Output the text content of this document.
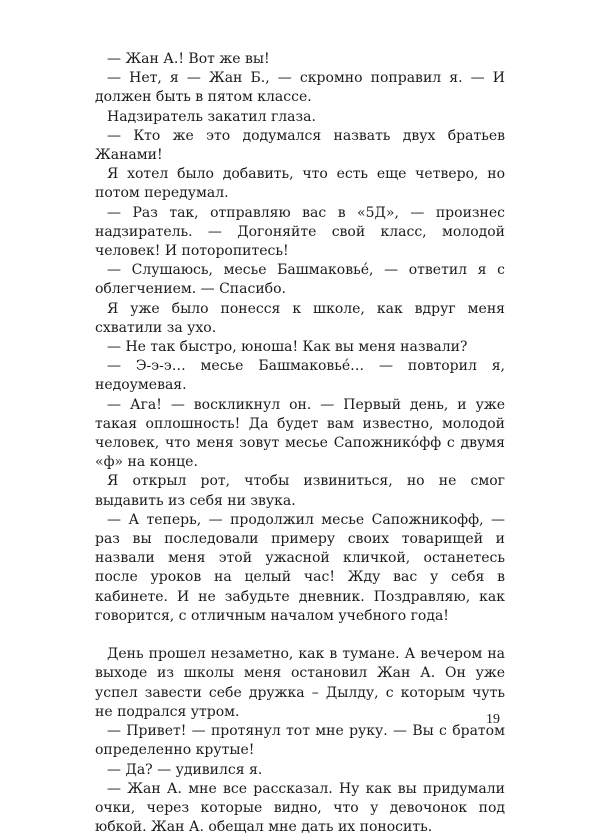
— Жан А.! Вот же вы!

— Нет, я — Жан Б., — скромно поправил я. — И должен быть в пятом классе.

Надзиратель закатил глаза.

— Кто же это додумался назвать двух братьев Жанами!

Я хотел было добавить, что есть еще четверо, но потом передумал.

— Раз так, отправляю вас в «5Д», — произнес надзиратель. — Догоняйте свой класс, молодой человек! И поторопитесь!

— Слушаюсь, месье Башмаковьé, — ответил я с облегчением. — Спасибо.

Я уже было понесся к школе, как вдруг меня схватили за ухо.

— Не так быстро, юноша! Как вы меня назвали?

— Э-э-э… месье Башмаковьé… — повторил я, недоумевая.

— Ага! — воскликнул он. — Первый день, и уже такая оплошность! Да будет вам известно, молодой человек, что меня зовут месье Сапожникóфф с двумя «ф» на конце.

Я открыл рот, чтобы извиниться, но не смог выдавить из себя ни звука.

— А теперь, — продолжил месье Сапожникофф, — раз вы последовали примеру своих товарищей и назвали меня этой ужасной кличкой, останетесь после уроков на целый час! Жду вас у себя в кабинете. И не забудьте дневник. Поздравляю, как говорится, с отличным началом учебного года!

День прошел незаметно, как в тумане. А вечером на выходе из школы меня остановил Жан А. Он уже успел завести себе дружка – Дылду, с которым чуть не подрался утром.

— Привет! — протянул тот мне руку. — Вы с братом определенно крутые!

— Да? — удивился я.

— Жан А. мне все рассказал. Ну как вы придумали очки, через которые видно, что у девочонок под юбкой. Жан А. обещал мне дать их поносить.

19
